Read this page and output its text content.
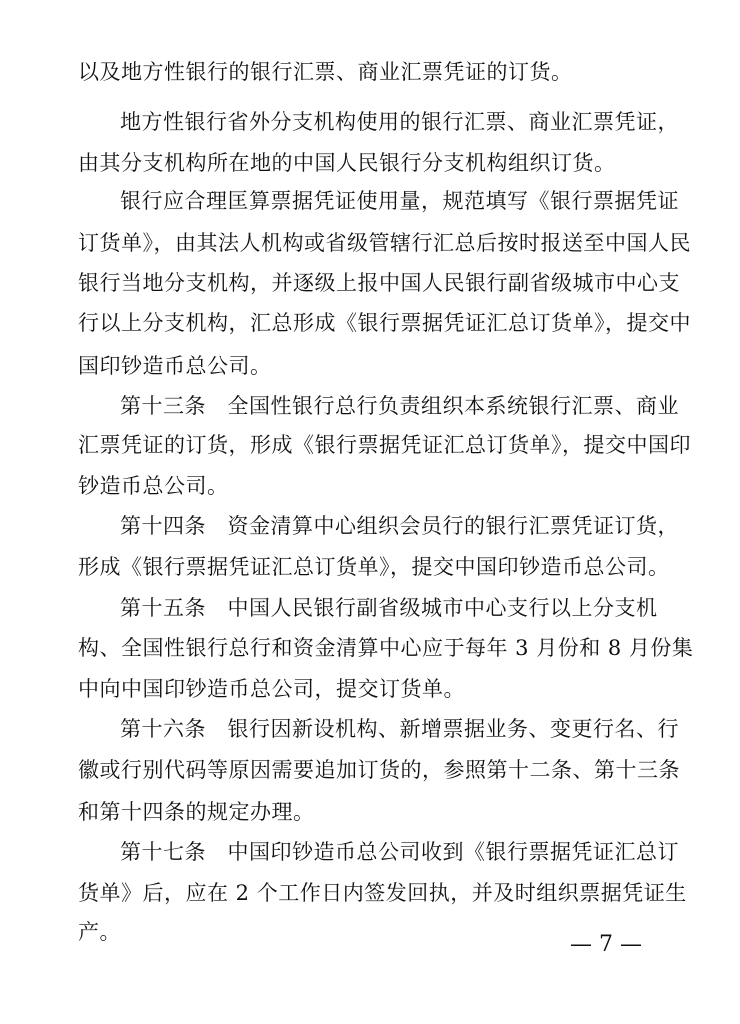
以及地方性银行的银行汇票、商业汇票凭证的订货。
地方性银行省外分支机构使用的银行汇票、商业汇票凭证，
由其分支机构所在地的中国人民银行分支机构组织订货。
银行应合理匡算票据凭证使用量，规范填写《银行票据凭证
订货单》，由其法人机构或省级管辖行汇总后按时报送至中国人民
银行当地分支机构，并逐级上报中国人民银行副省级城市中心支
行以上分支机构，汇总形成《银行票据凭证汇总订货单》，提交中
国印钞造币总公司。
第十三条　全国性银行总行负责组织本系统银行汇票、商业
汇票凭证的订货，形成《银行票据凭证汇总订货单》，提交中国印
钞造币总公司。
第十四条　资金清算中心组织会员行的银行汇票凭证订货，
形成《银行票据凭证汇总订货单》，提交中国印钞造币总公司。
第十五条　中国人民银行副省级城市中心支行以上分支机
构、全国性银行总行和资金清算中心应于每年 3 月份和 8 月份集
中向中国印钞造币总公司，提交订货单。
第十六条　银行因新设机构、新增票据业务、变更行名、行
徽或行别代码等原因需要追加订货的，参照第十二条、第十三条
和第十四条的规定办理。
第十七条　中国印钞造币总公司收到《银行票据凭证汇总订
货单》后，应在 2 个工作日内签发回执，并及时组织票据凭证生
产。	— 7 —
